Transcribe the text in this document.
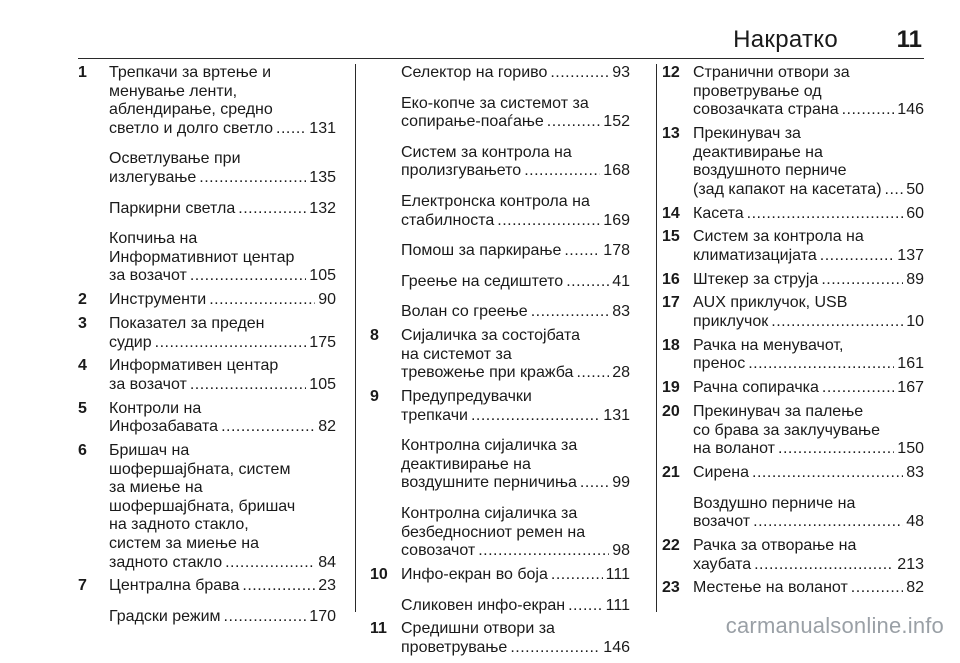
Накратко 11
1 Трепкачи за вртење и
менување ленти,
аблендирање, средно
светло и долго светло ..... 131
Осветлување при
излегување .....	135
Паркирни светла .....	132
Копчиња на
Информативниот центар
за возачот .....	105
2 Инструменти .....	90
3 Показател за преден
судир .....	175
4 Информативен центар
за возачот .....	105
5 Контроли на
Инфозабавата .....	82
6 Бришач на
шофершајбната, систем
за миење на
шофершајбната, бришач
на задното стакло,
систем за миење на
задното стакло .....	84
7 Централна брава .....	23
Градски режим .....	170
Селектор на гориво .....	93
Еко-копче за системот за
сопирање-поаѓање .....	152
Систем за контрола на
пролизгувањето .....	168
Електронска контрола на
стабилноста .....	169
Помош за паркирање .....	178
Греење на седиштето .....	41
Волан со греење .....	83
8 Сијаличка за состојбата
на системот за
тревожење при кражба ..... 28
9 Предупредувачки
трепкачи .....	131
Контролна сијаличка за
деактивирање на
воздушните перничиња ..... 99
Контролна сијаличка за
безбедносниот ремен на
совозачот .....	98
10 Инфо-екран во боја .....	111
Сликовен инфо-екран .....	111
11 Средишни отвори за
проветрување .....	146
12 Странични отвори за
проветрување од
совозачката страна .....	146
13 Прекинувач за
деактивирање на
воздушното перниче
(зад капакот на касетата) ..... 50
14 Касета .....	60
15 Систем за контрола на
климатизацијата .....	137
16 Штекер за струја .....	89
17 AUX приклучок, USB
приклучок .....	10
18 Рачка на менувачот,
пренос .....	161
19 Рачна сопирачка .....	167
20 Прекинувач за палење
со брава за заклучување
на воланот .....	150
21 Сирена .....	83
Воздушно перниче на
возачот .....	48
22 Рачка за отворање на
хаубата .....	213
23 Местење на воланот .....	82
carmanualsonline.info
